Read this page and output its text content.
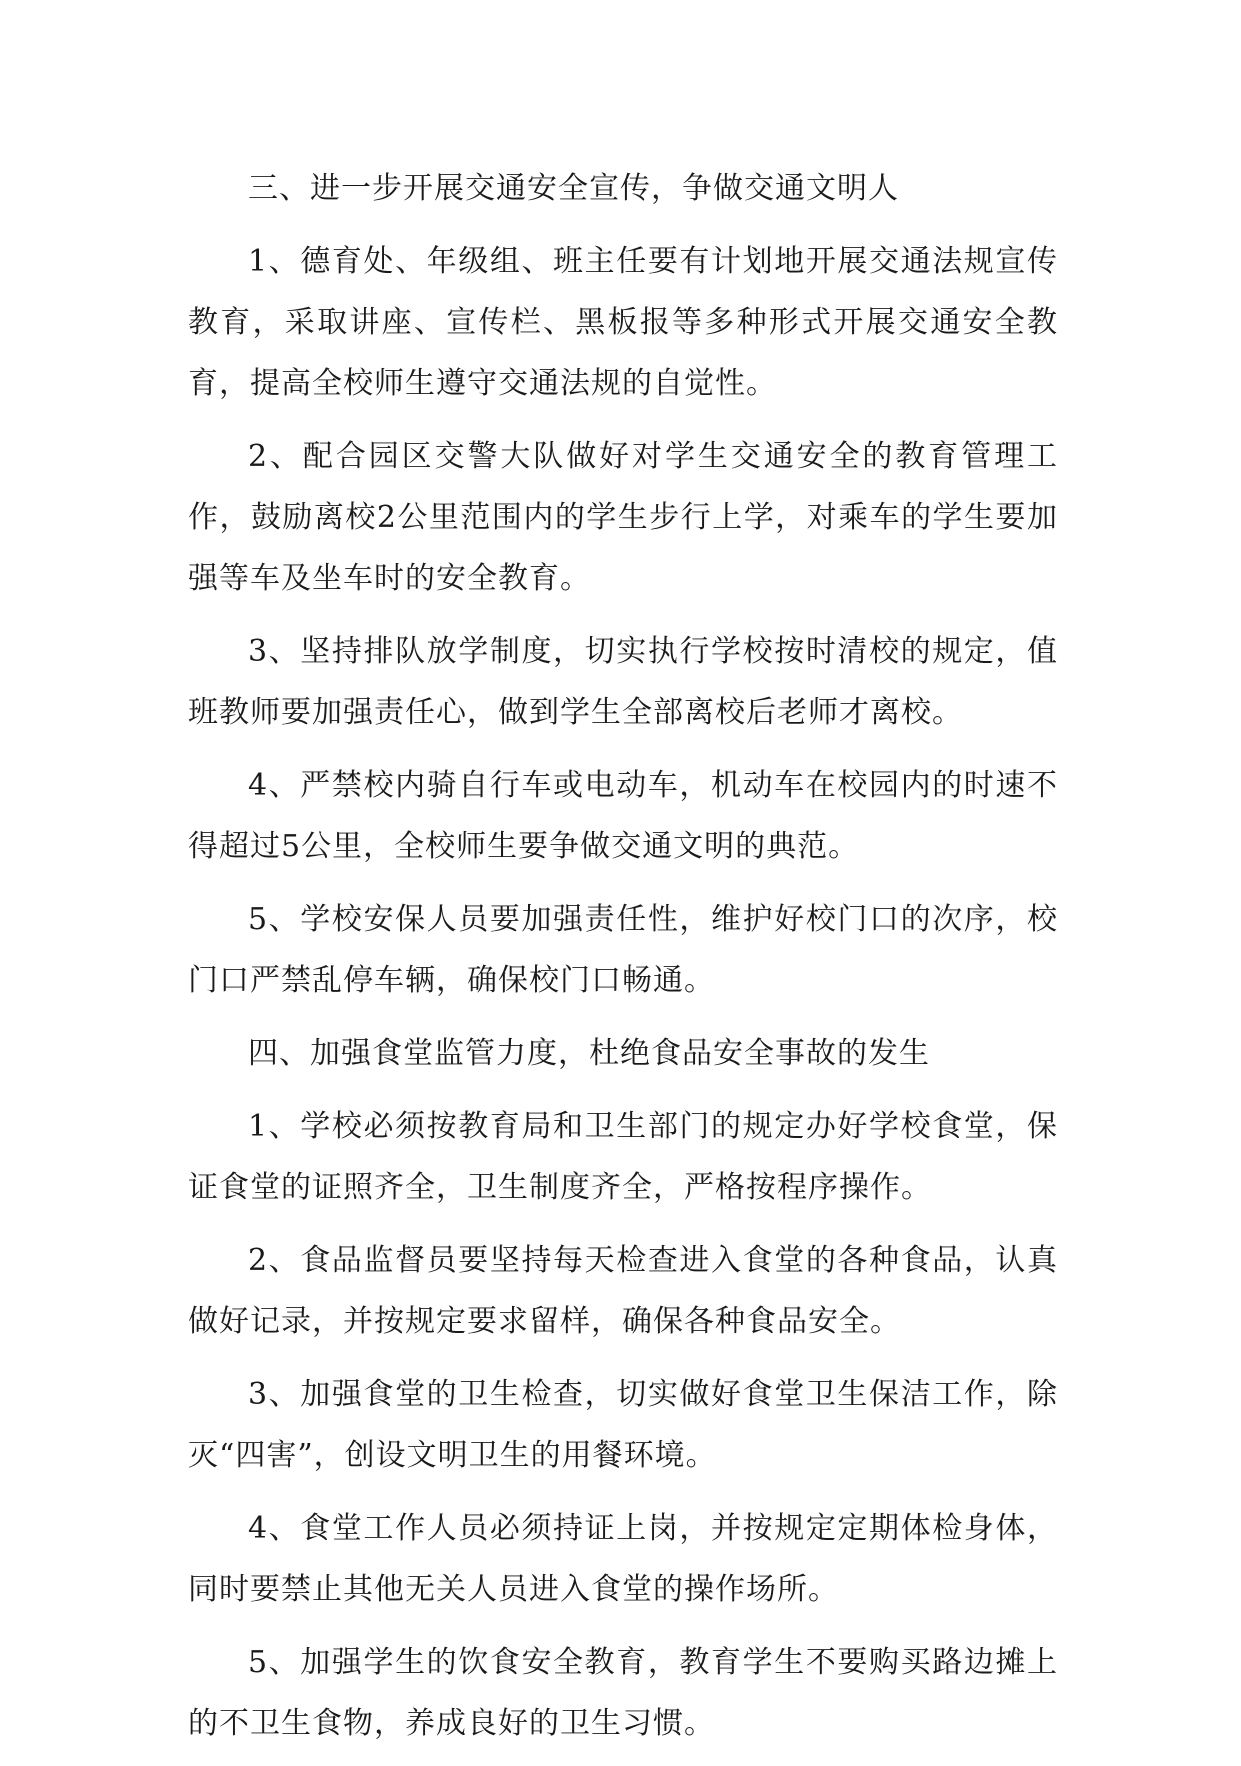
三、进一步开展交通安全宣传，争做交通文明人

1、德育处、年级组、班主任要有计划地开展交通法规宣传教育，采取讲座、宣传栏、黑板报等多种形式开展交通安全教育，提高全校师生遵守交通法规的自觉性。

2、配合园区交警大队做好对学生交通安全的教育管理工作，鼓励离校2公里范围内的学生步行上学，对乘车的学生要加强等车及坐车时的安全教育。

3、坚持排队放学制度，切实执行学校按时清校的规定，值班教师要加强责任心，做到学生全部离校后老师才离校。

4、严禁校内骑自行车或电动车，机动车在校园内的时速不得超过5公里，全校师生要争做交通文明的典范。

5、学校安保人员要加强责任性，维护好校门口的次序，校门口严禁乱停车辆，确保校门口畅通。

四、加强食堂监管力度，杜绝食品安全事故的发生

1、学校必须按教育局和卫生部门的规定办好学校食堂，保证食堂的证照齐全，卫生制度齐全，严格按程序操作。

2、食品监督员要坚持每天检查进入食堂的各种食品，认真做好记录，并按规定要求留样，确保各种食品安全。

3、加强食堂的卫生检查，切实做好食堂卫生保洁工作，除灭“四害”，创设文明卫生的用餐环境。

4、食堂工作人员必须持证上岗，并按规定定期体检身体，同时要禁止其他无关人员进入食堂的操作场所。

5、加强学生的饮食安全教育，教育学生不要购买路边摊上的不卫生食物，养成良好的卫生习惯。
